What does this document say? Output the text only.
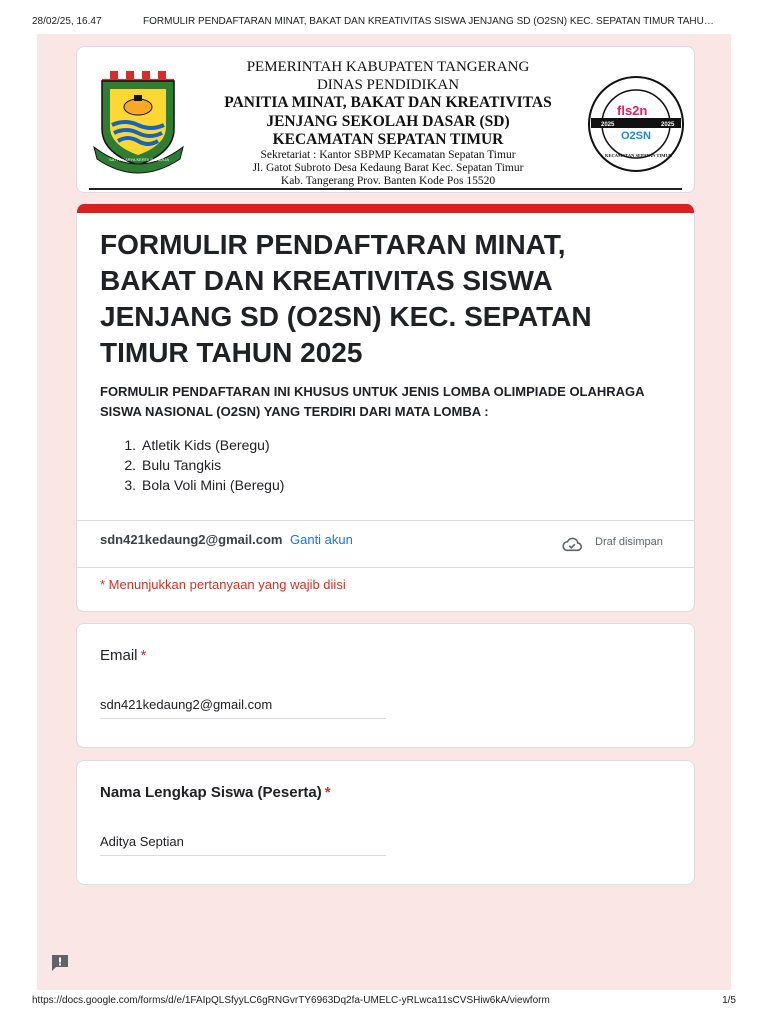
28/02/25, 16.47	FORMULIR PENDAFTARAN MINAT, BAKAT DAN KREATIVITAS SISWA JENJANG SD (O2SN) KEC. SEPATAN TIMUR TAHU…
SATYA KARYA KERTA RAHARJA
PEMERINTAH KABUPATEN TANGERANG
DINAS PENDIDIKAN
PANITIA MINAT, BAKAT DAN KREATIVITAS
JENJANG SEKOLAH DASAR (SD)
KECAMATAN SEPATAN TIMUR
Sekretariat : Kantor SBPMP Kecamatan Sepatan Timur
Jl. Gatot Subroto Desa Kedaung Barat Kec. Sepatan Timur
Kab. Tangerang Prov. Banten Kode Pos 15520
2025	2025
fls2n
O2SN
KECAMATAN SEPATAN TIMUR
FORMULIR PENDAFTARAN MINAT, BAKAT DAN KREATIVITAS SISWA JENJANG SD (O2SN) KEC. SEPATAN TIMUR TAHUN 2025
FORMULIR PENDAFTARAN INI KHUSUS UNTUK JENIS LOMBA OLIMPIADE OLAHRAGA SISWA NASIONAL (O2SN) YANG TERDIRI DARI MATA LOMBA :
1. Atletik Kids (Beregu)
2. Bulu Tangkis
3. Bola Voli Mini (Beregu)
sdn421kedaung2@gmail.com Ganti akun	Draf disimpan
* Menunjukkan pertanyaan yang wajib diisi
Email *
sdn421kedaung2@gmail.com
Nama Lengkap Siswa (Peserta) *
Aditya Septian
https://docs.google.com/forms/d/e/1FAIpQLSfyyLC6gRNGvrTY6963Dq2fa-UMELC-yRLwca11sCVSHiw6kA/viewform	1/5
